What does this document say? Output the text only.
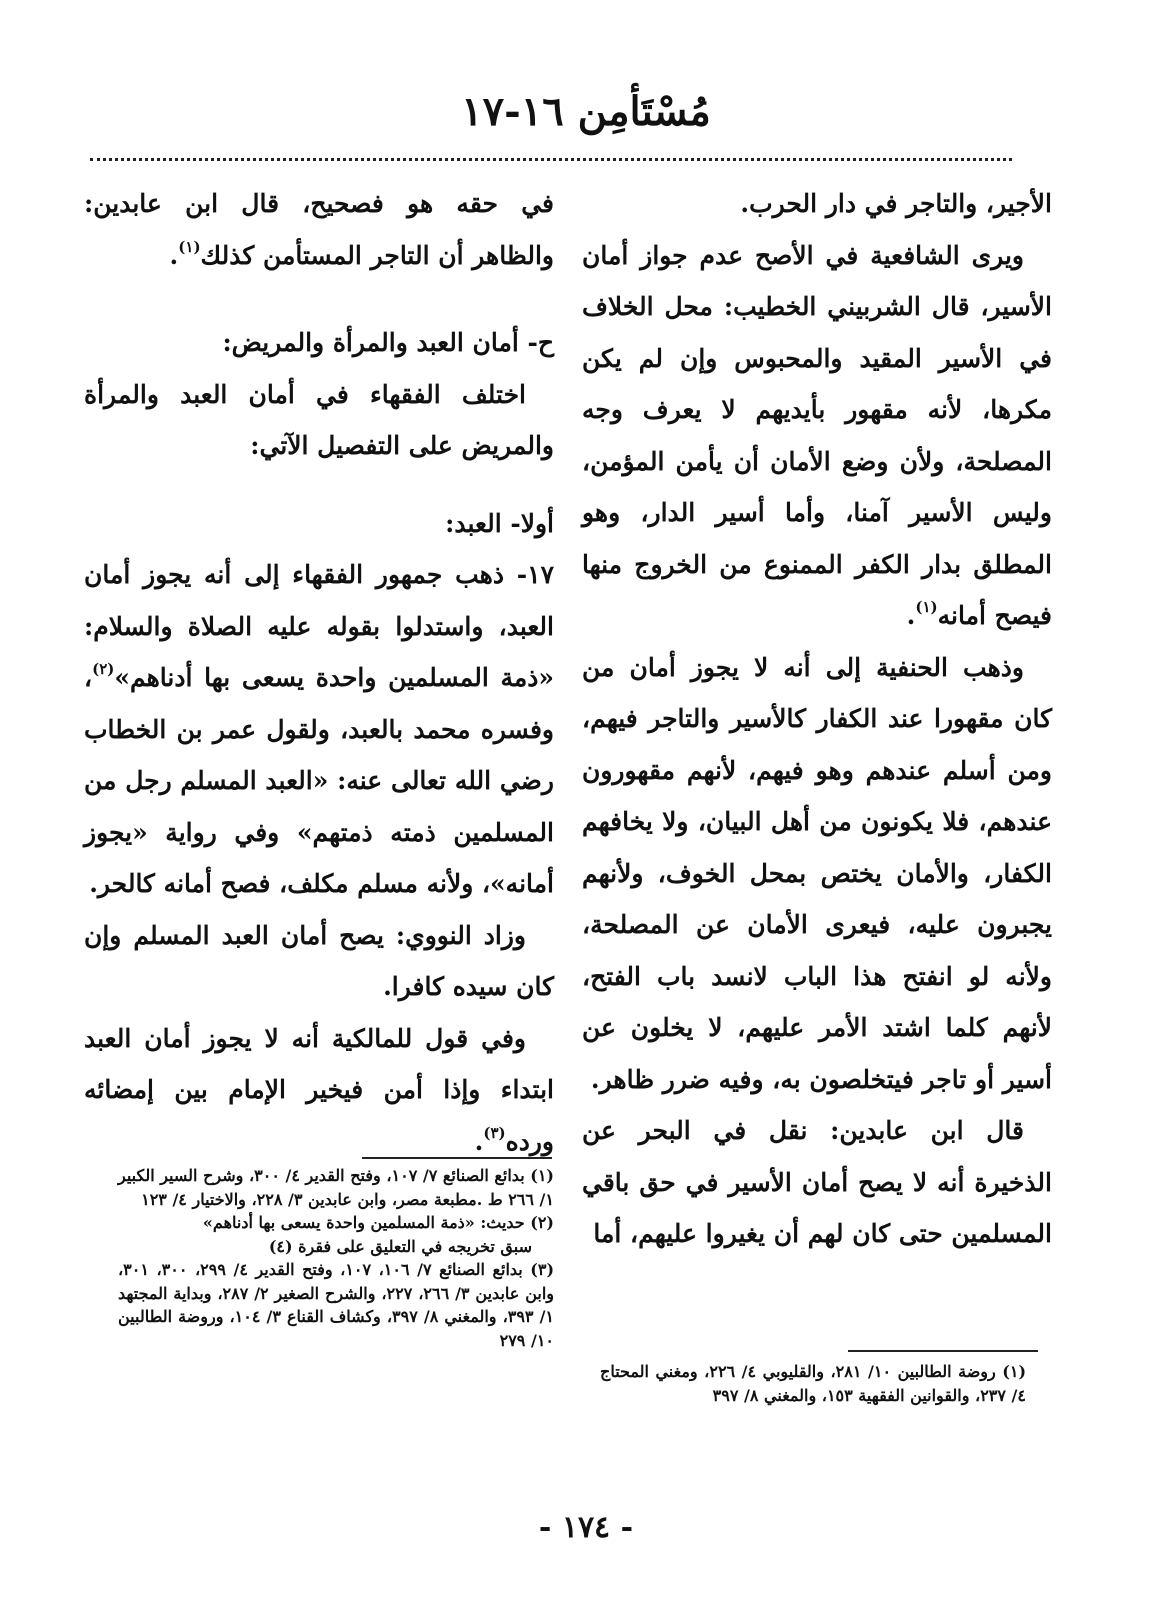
مُسْتَأمِن ١٦-١٧

الأجير، والتاجر في دار الحرب.

ويرى الشافعية في الأصح عدم جواز أمان الأسير، قال الشربيني الخطيب: محل الخلاف في الأسير المقيد والمحبوس وإن لم يكن مكرها، لأنه مقهور بأيديهم لا يعرف وجه المصلحة، ولأن وضع الأمان أن يأمن المؤمن، وليس الأسير آمنا، وأما أسير الدار، وهو المطلق بدار الكفر الممنوع من الخروج منها فيصح أمانه$^{(١)}$.

وذهب الحنفية إلى أنه لا يجوز أمان من كان مقهورا عند الكفار كالأسير والتاجر فيهم، ومن أسلم عندهم وهو فيهم، لأنهم مقهورون عندهم، فلا يكونون من أهل البيان، ولا يخافهم الكفار، والأمان يختص بمحل الخوف، ولأنهم يجبرون عليه، فيعرى الأمان عن المصلحة، ولأنه لو انفتح هذا الباب لانسد باب الفتح، لأنهم كلما اشتد الأمر عليهم، لا يخلون عن أسير أو تاجر فيتخلصون به، وفيه ضرر ظاهر.

قال ابن عابدين: نقل في البحر عن الذخيرة أنه لا يصح أمان الأسير في حق باقي المسلمين حتى كان لهم أن يغيروا عليهم، أما

في حقه هو فصحيح، قال ابن عابدين: والظاهر أن التاجر المستأمن كذلك$^{(١)}$.

ح- أمان العبد والمرأة والمريض:

اختلف الفقهاء في أمان العبد والمرأة والمريض على التفصيل الآتي:

أولا- العبد:

١٧- ذهب جمهور الفقهاء إلى أنه يجوز أمان العبد، واستدلوا بقوله عليه الصلاة والسلام: «ذمة المسلمين واحدة يسعى بها أدناهم»$^{(٢)}$، وفسره محمد بالعبد، ولقول عمر بن الخطاب رضي الله تعالى عنه: «العبد المسلم رجل من المسلمين ذمته ذمتهم» وفي رواية «يجوز أمانه»، ولأنه مسلم مكلف، فصح أمانه كالحر.

وزاد النووي: يصح أمان العبد المسلم وإن كان سيده كافرا.

وفي قول للمالكية أنه لا يجوز أمان العبد ابتداء وإذا أمن فيخير الإمام بين إمضائه ورده$^{(٣)}$.

(١) بدائع الصنائع ٧/ ١٠٧، وفتح القدير ٤/ ٣٠٠، وشرح السير الكبير ١/ ٢٦٦ ط .مطبعة مصر، وابن عابدين ٣/ ٢٢٨، والاختيار ٤/ ١٢٣

(٢) حديث: «ذمة المسلمين واحدة يسعى بها أدناهم»

سبق تخريجه في التعليق على فقرة (٤)

(٣) بدائع الصنائع ٧/ ١٠٦، ١٠٧، وفتح القدير ٤/ ٢٩٩، ٣٠٠، ٣٠١، وابن عابدين ٣/ ٢٦٦، ٢٢٧، والشرح الصغير ٢/ ٢٨٧، وبداية المجتهد ١/ ٣٩٣، والمغني ٨/ ٣٩٧، وكشاف القناع ٣/ ١٠٤، وروضة الطالبين ١٠/ ٢٧٩

(١) روضة الطالبين ١٠/ ٢٨١، والقليوبي ٤/ ٢٢٦، ومغني المحتاج ٤/ ٢٣٧، والقوانين الفقهية ١٥٣، والمغني ٨/ ٣٩٧

- ١٧٤ -
